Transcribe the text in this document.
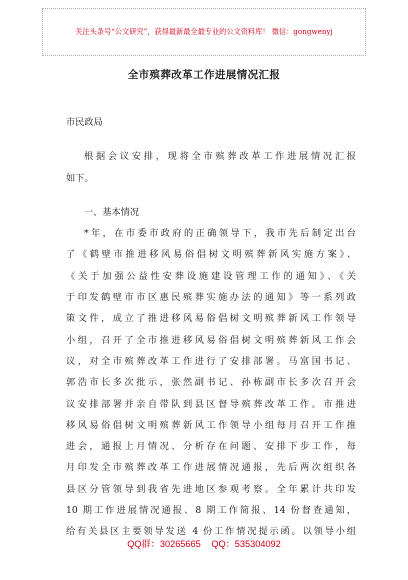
关注头条号“公文研究”，获得最新最全最专业的公文资料库！ 微信：gongwenyj
全市殡葬改革工作进展情况汇报

市民政局

根据会议安排，现将全市殡葬改革工作进展情况汇报

如下。

一、基本情况

*年，在市委市政府的正确领导下，我市先后制定出台

了《鹤壁市推进移风易俗倡树文明殡葬新风实施方案》、

《关于加强公益性安葬设施建设管理工作的通知》、《关

于印发鹤壁市市区惠民殡葬实施办法的通知》等一系列政

策文件，成立了推进移风易俗倡树文明殡葬新风工作领导

小组，召开了全市推进移风易俗倡树文明殡葬新风工作会

议，对全市殡葬改革工作进行了安排部署。马富国书记、

郭浩市长多次批示，张然副书记、孙栋副市长多次召开会

议安排部署并亲自带队到县区督导殡葬改革工作。市推进

移风易俗倡树文明殡葬新风工作领导小组每月召开工作推

进会，通报上月情况、分析存在问题、安排下步工作，每

月印发全市殡葬改革工作进展情况通报，先后两次组织各

县区分管领导到我省先进地区参观考察。全年累计共印发

10 期工作进展情况通报、8 期工作简报、14 份督查通知，

给有关县区主要领导发送 4 份工作情况提示函。以领导小组

QQ群：30265665 QQ：535304092
